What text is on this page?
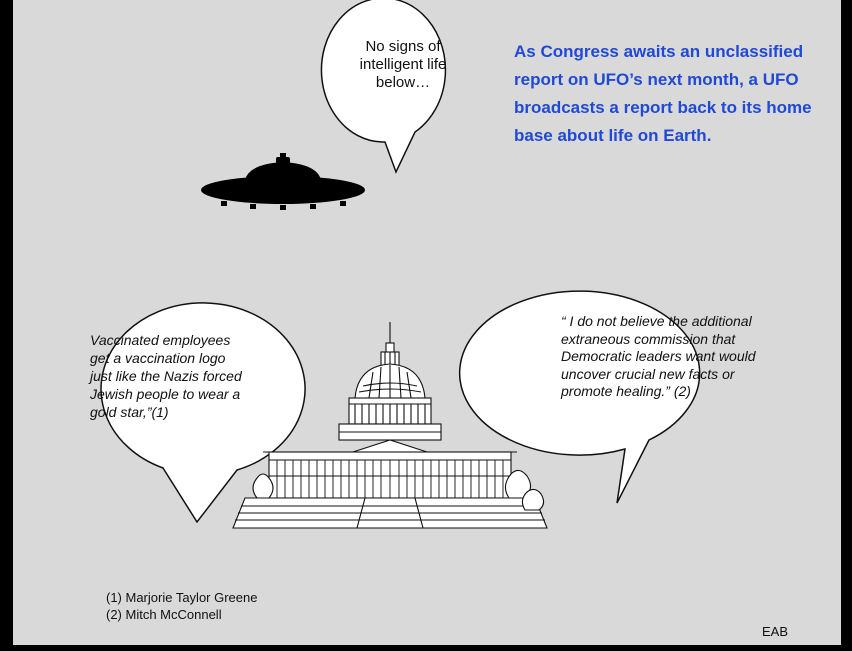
No signs of intelligent life below…
As Congress awaits an unclassified report on UFO’s next month, a UFO broadcasts a report back to its home base about life on Earth.
Vaccinated employees get a vaccination logo just like the Nazis forced Jewish people to wear a gold star,”(1)
“ I do not believe the additional extraneous commission that Democratic leaders want would uncover crucial new facts or promote healing.” (2)
(1) Marjorie Taylor Greene
(2) Mitch McConnell
EAB
